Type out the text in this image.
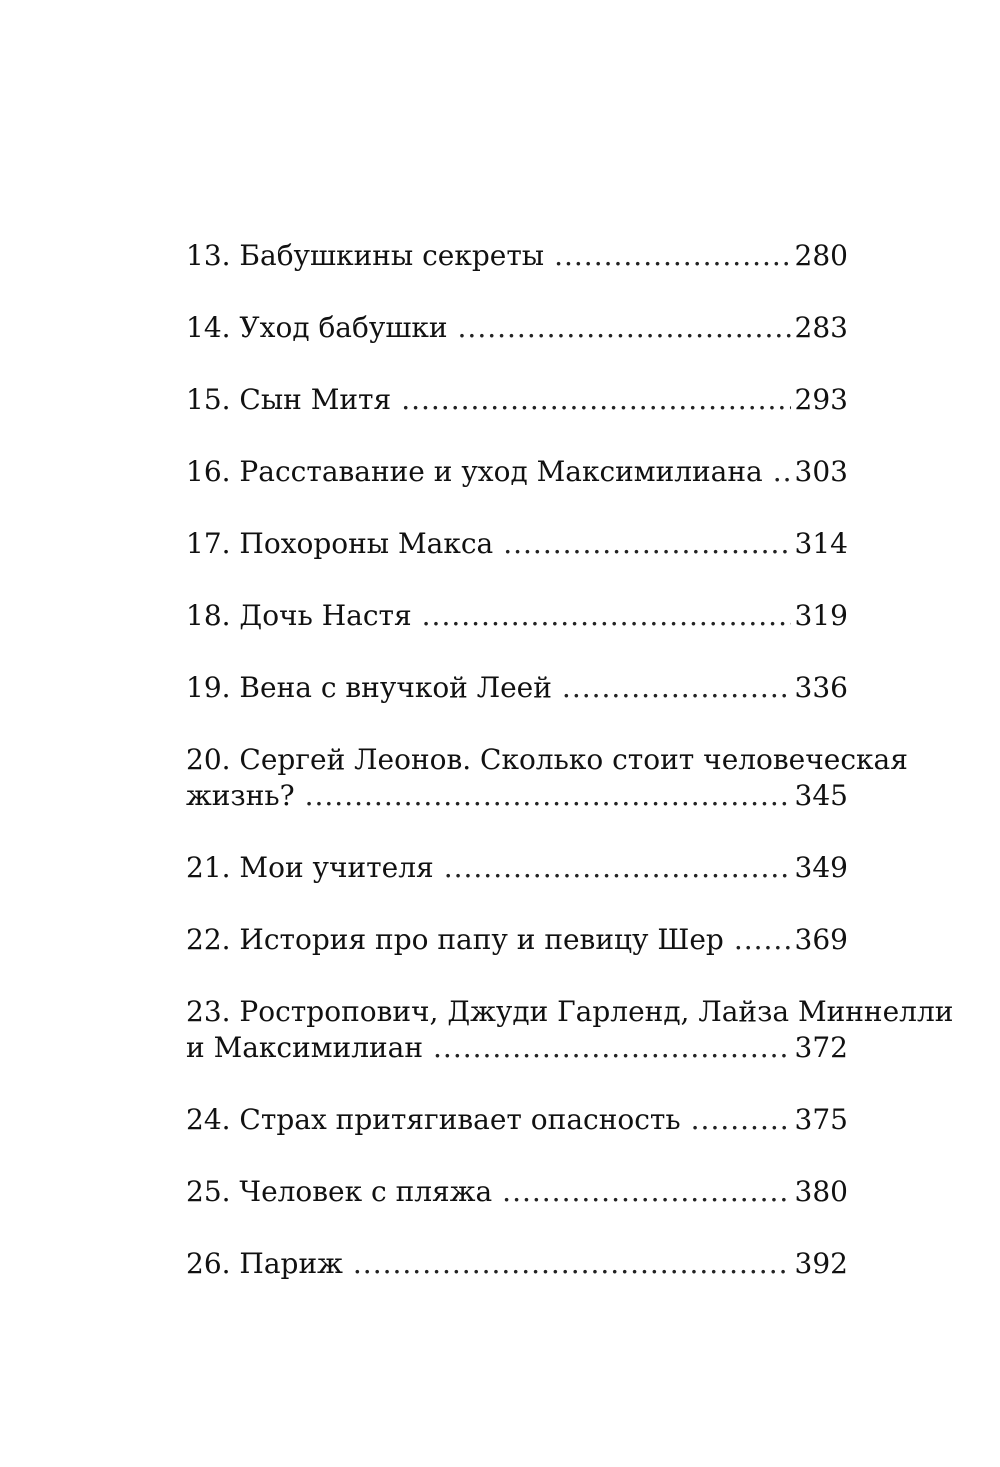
13. Бабушкины секреты .....	280
14. Уход бабушки .....	283
15. Сын Митя .....	293
16. Расставание и уход Максимилиана ..... 303
17. Похороны Макса .....	314
18. Дочь Настя .....	319
19. Вена с внучкой Леей .....	336
20. Сергей Леонов. Сколько стоит человеческая
жизнь? .....	345
21. Мои учителя .....	349
22. История про папу и певицу Шер .....	369
23. Ростропович, Джуди Гарленд, Лайза Миннелли
и Максимилиан .....	372
24. Страх притягивает опасность .....	375
25. Человек с пляжа .....	380
26. Париж .....	392
